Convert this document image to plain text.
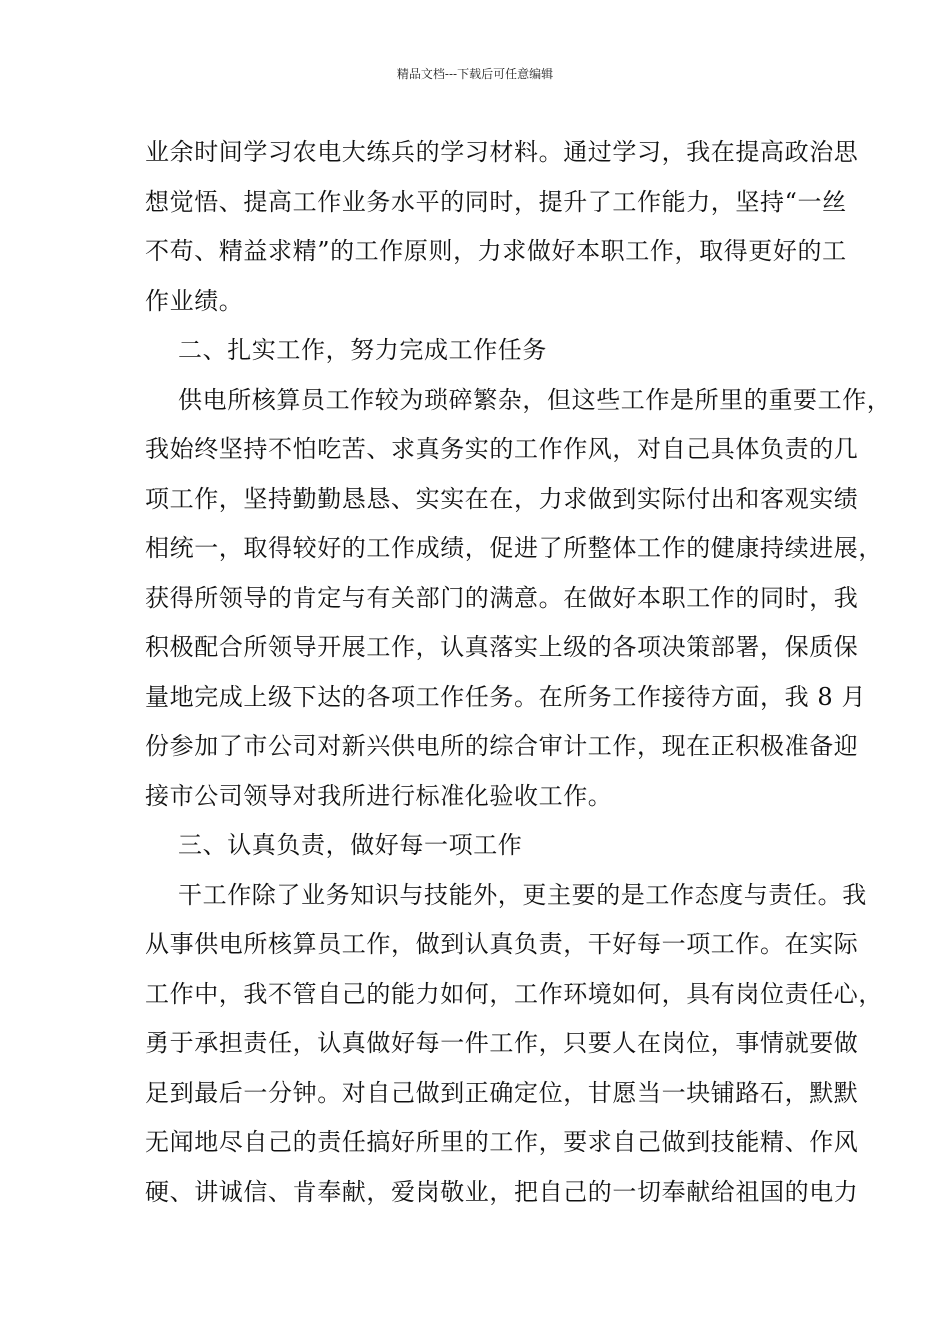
精品文档---下载后可任意编辑
业余时间学习农电大练兵的学习材料。通过学习，我在提高政治思
想觉悟、提高工作业务水平的同时，提升了工作能力，坚持“一丝
不苟、精益求精”的工作原则，力求做好本职工作，取得更好的工
作业绩。
二、扎实工作，努力完成工作任务
供电所核算员工作较为琐碎繁杂，但这些工作是所里的重要工作，
我始终坚持不怕吃苦、求真务实的工作作风，对自己具体负责的几
项工作，坚持勤勤恳恳、实实在在，力求做到实际付出和客观实绩
相统一，取得较好的工作成绩，促进了所整体工作的健康持续进展，
获得所领导的肯定与有关部门的满意。在做好本职工作的同时，我
积极配合所领导开展工作，认真落实上级的各项决策部署，保质保
量地完成上级下达的各项工作任务。在所务工作接待方面，我 8 月
份参加了市公司对新兴供电所的综合审计工作，现在正积极准备迎
接市公司领导对我所进行标准化验收工作。
三、认真负责，做好每一项工作
干工作除了业务知识与技能外，更主要的是工作态度与责任。我
从事供电所核算员工作，做到认真负责，干好每一项工作。在实际
工作中，我不管自己的能力如何，工作环境如何，具有岗位责任心，
勇于承担责任，认真做好每一件工作，只要人在岗位，事情就要做
足到最后一分钟。对自己做到正确定位，甘愿当一块铺路石，默默
无闻地尽自己的责任搞好所里的工作，要求自己做到技能精、作风
硬、讲诚信、肯奉献，爱岗敬业，把自己的一切奉献给祖国的电力
